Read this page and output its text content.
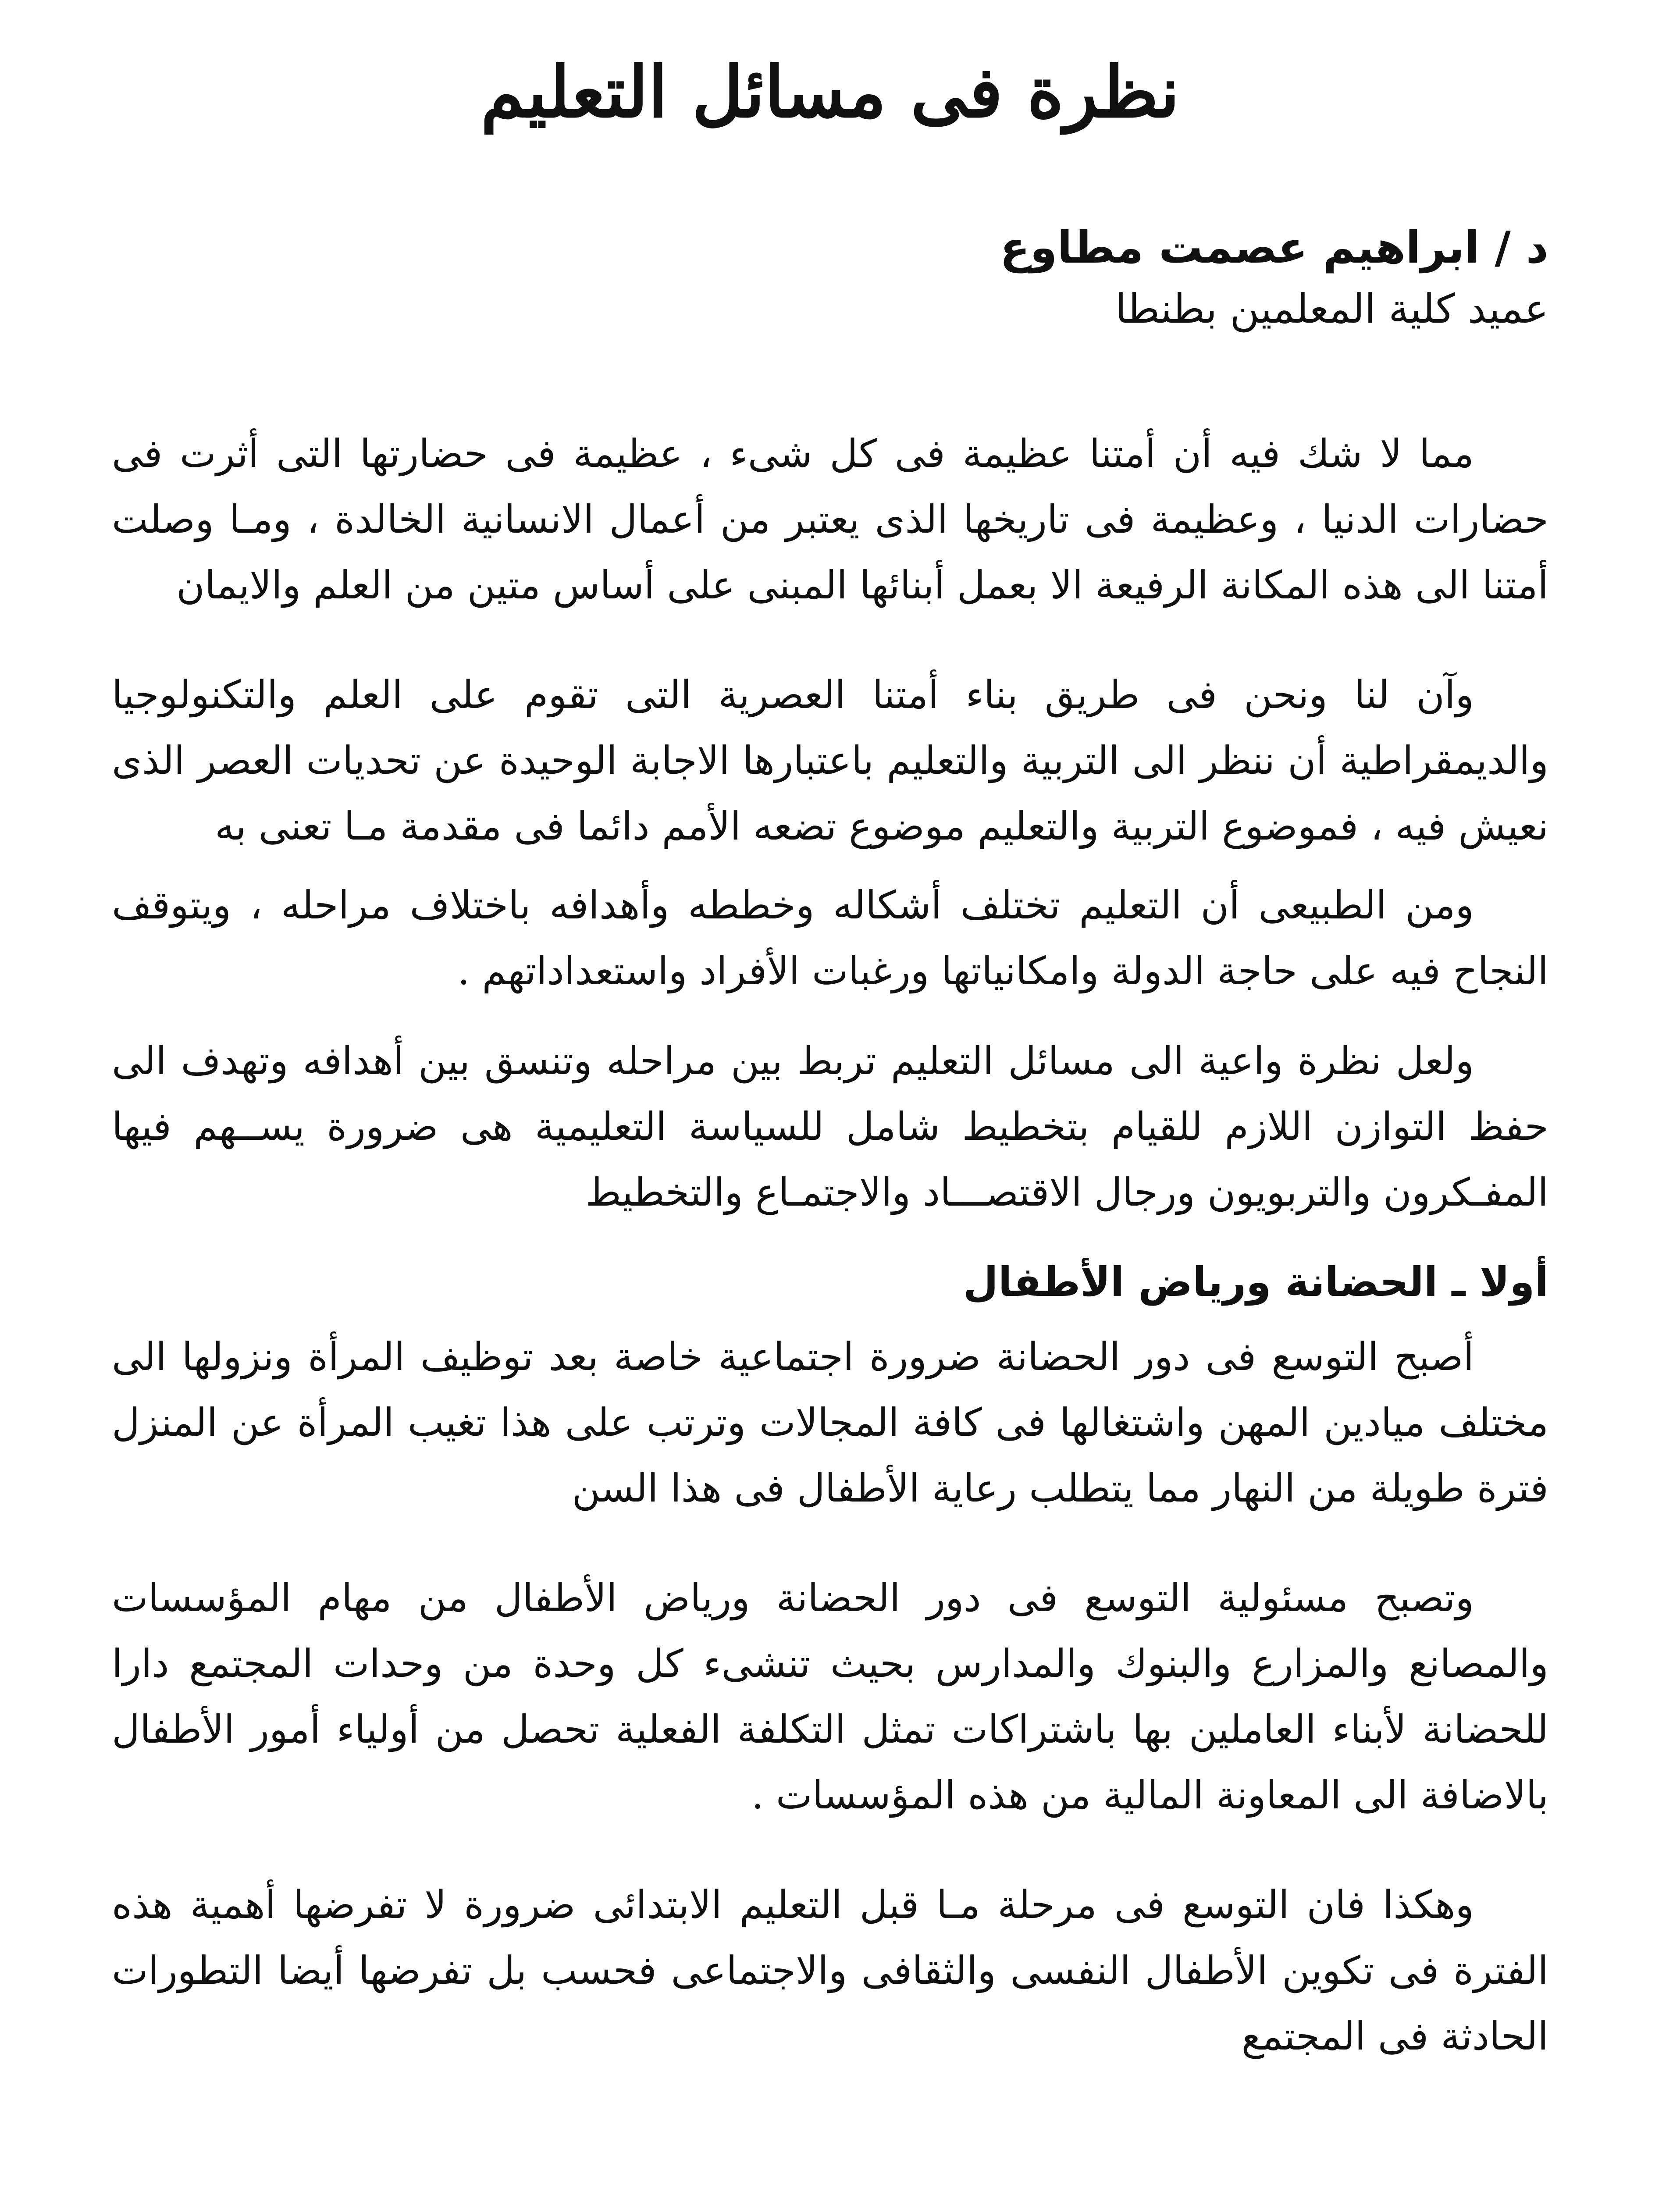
نظرة فى مسائل التعليم

د / ابراهيم عصمت مطاوع

عميد كلية المعلمين بطنطا

مما لا شك فيه أن أمتنا عظيمة فى كل شىء ، عظيمة فى حضارتها التى أثرت فى حضارات الدنيا ، وعظيمة فى تاريخها الذى يعتبر من أعمال الانسانية الخالدة ، ومـا وصلت أمتنا الى هذه المكانة الرفيعة الا بعمل أبنائها المبنى على أساس متين من العلم والايمان

وآن لنا ونحن فى طريق بناء أمتنا العصرية التى تقوم على العلم والتكنولوجيا والديمقراطية أن ننظر الى التربية والتعليم باعتبارها الاجابة الوحيدة عن تحديات العصر الذى نعيش فيه ، فموضوع التربية والتعليم موضوع تضعه الأمم دائما فى مقدمة مـا تعنى به

ومن الطبيعى أن التعليم تختلف أشكاله وخططه وأهدافه باختلاف مراحله ، ويتوقف النجاح فيه على حاجة الدولة وامكانياتها ورغبات الأفراد واستعداداتهم .

ولعل نظرة واعية الى مسائل التعليم تربط بين مراحله وتنسق بين أهدافه وتهدف الى حفظ التوازن اللازم للقيام بتخطيط شامل للسياسة التعليمية هى ضرورة يســهم فيها المفـكرون والتربويون ورجال الاقتصـــاد والاجتمـاع والتخطيط

أولا ـ الحضانة ورياض الأطفال

أصبح التوسع فى دور الحضانة ضرورة اجتماعية خاصة بعد توظيف المرأة ونزولها الى مختلف ميادين المهن واشتغالها فى كافة المجالات وترتب على هذا تغيب المرأة عن المنزل فترة طويلة من النهار مما يتطلب رعاية الأطفال فى هذا السن

وتصبح مسئولية التوسع فى دور الحضانة ورياض الأطفال من مهام المؤسسات والمصانع والمزارع والبنوك والمدارس بحيث تنشىء كل وحدة من وحدات المجتمع دارا للحضانة لأبناء العاملين بها باشتراكات تمثل التكلفة الفعلية تحصل من أولياء أمور الأطفال بالاضافة الى المعاونة المالية من هذه المؤسسات .

وهكذا فان التوسع فى مرحلة مـا قبل التعليم الابتدائى ضرورة لا تفرضها أهمية هذه الفترة فى تكوين الأطفال النفسى والثقافى والاجتماعى فحسب بل تفرضها أيضا التطورات الحادثة فى المجتمع
